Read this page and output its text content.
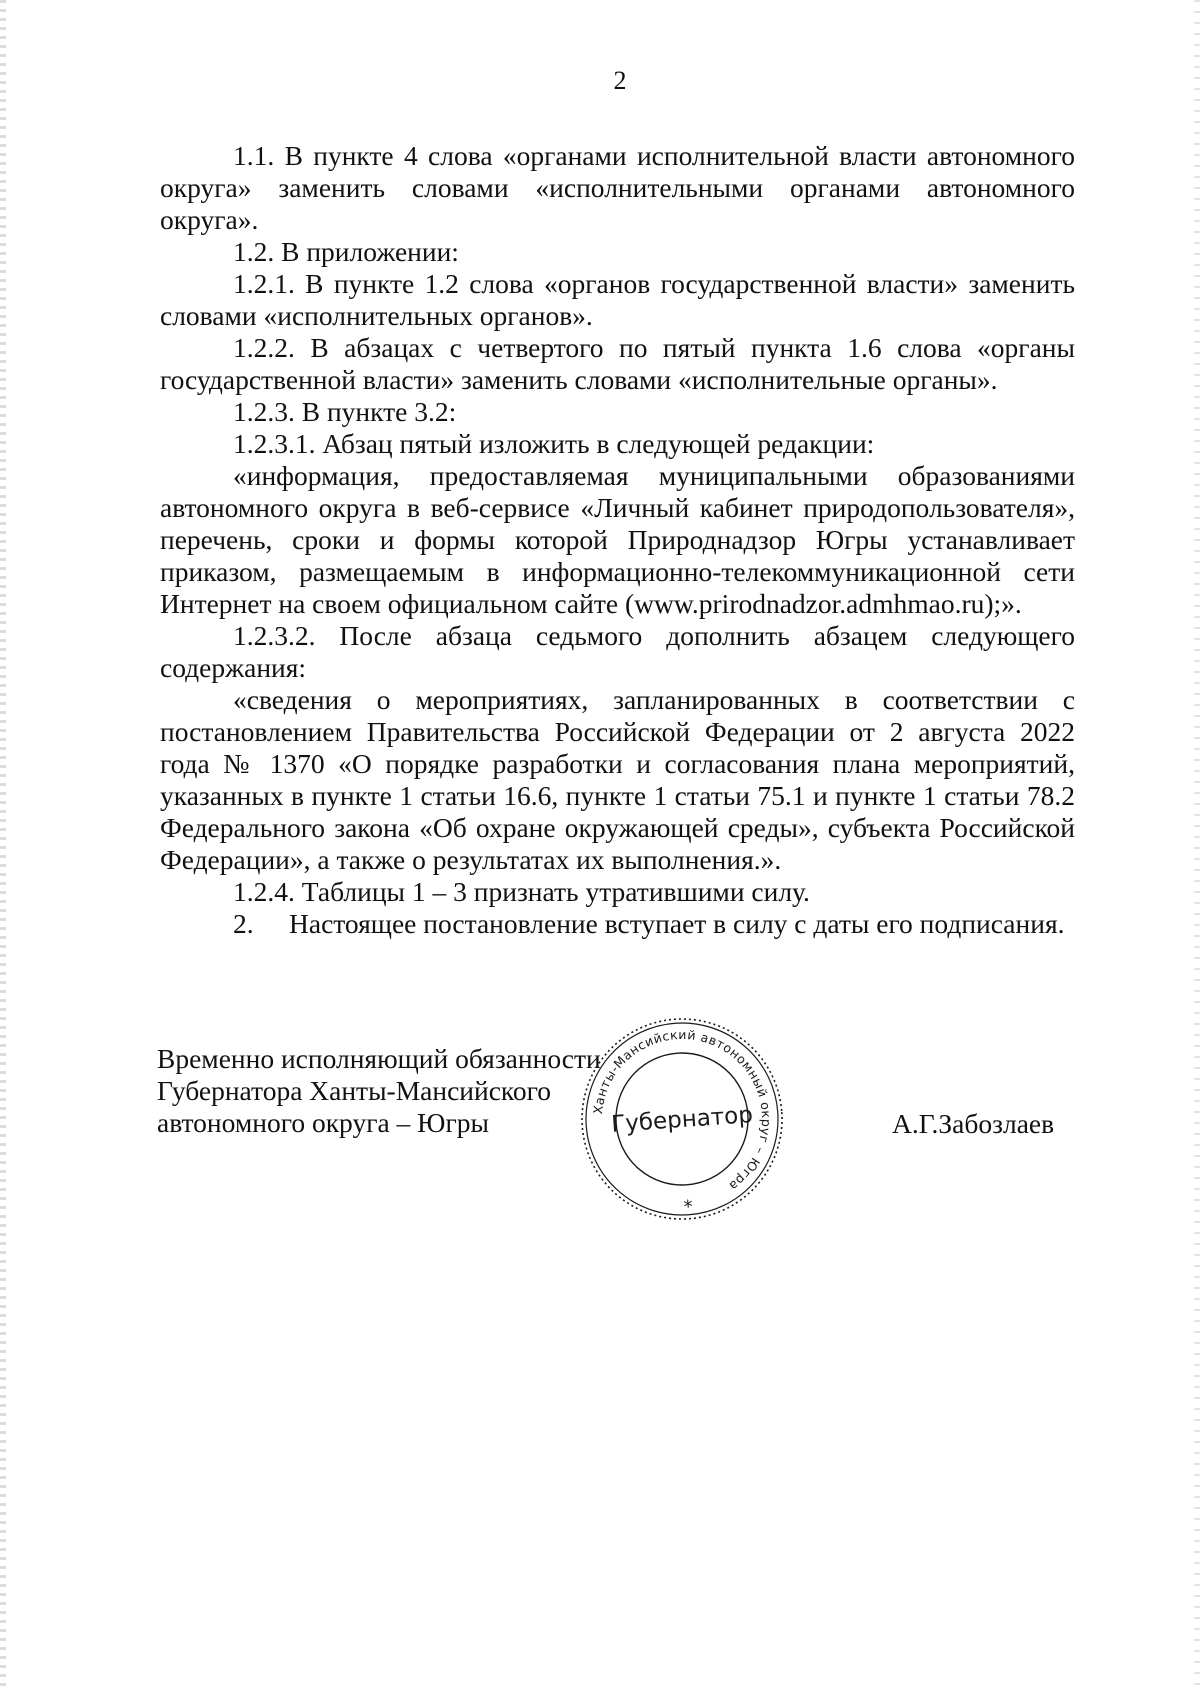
2

1.1. В пункте 4 слова «органами исполнительной власти автономного округа» заменить словами «исполнительными органами автономного округа».

1.2. В приложении:

1.2.1. В пункте 1.2 слова «органов государственной власти» заменить словами «исполнительных органов».

1.2.2. В абзацах с четвертого по пятый пункта 1.6 слова «органы государственной власти» заменить словами «исполнительные органы».

1.2.3. В пункте 3.2:

1.2.3.1. Абзац пятый изложить в следующей редакции:

«информация, предоставляемая муниципальными образованиями автономного округа в веб-сервисе «Личный кабинет природопользователя», перечень, сроки и формы которой Природнадзор Югры устанавливает приказом, размещаемым в информационно-телекоммуникационной сети Интернет на своем официальном сайте (www.prirodnadzor.admhmao.ru);».

1.2.3.2. После абзаца седьмого дополнить абзацем следующего содержания:

«сведения о мероприятиях, запланированных в соответствии с постановлением Правительства Российской Федерации от 2 августа 2022 года № 1370 «О порядке разработки и согласования плана мероприятий, указанных в пункте 1 статьи 16.6, пункте 1 статьи 75.1 и пункте 1 статьи 78.2 Федерального закона «Об охране окружающей среды», субъекта Российской Федерации», а также о результатах их выполнения.».

1.2.4. Таблицы 1 – 3 признать утратившими силу.

2. Настоящее постановление вступает в силу с даты его подписания.

Временно исполняющий обязанности
Губернатора Ханты-Мансийского
автономного округа – Югры	Ханты-Мансийский автономный округ – Югра
Губернатор
*
А.Г.Забозлаев
